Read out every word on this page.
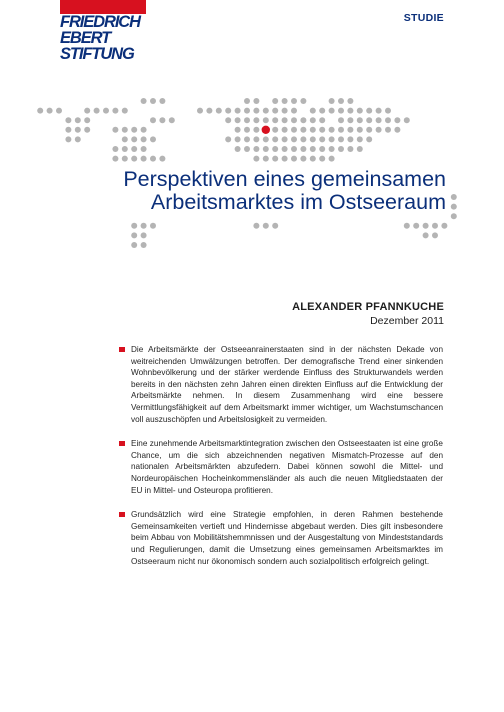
FRIEDRICH
EBERT
STIFTUNG
STUDIE
Perspektiven eines gemeinsamen
Arbeitsmarktes im Ostseeraum
ALEXANDER PFANNKUCHE
Dezember 2011
Die Arbeitsmärkte der Ostseeanrainerstaaten sind in der nächsten Dekade von weitreichenden Umwälzungen betroffen. Der demografische Trend einer sinkenden Wohnbevölkerung und der stärker werdende Einfluss des Strukturwandels werden bereits in den nächsten zehn Jahren einen direkten Einfluss auf die Entwicklung der Arbeitsmärkte nehmen. In diesem Zusammenhang wird eine bessere Vermittlungsfähigkeit auf dem Arbeitsmarkt immer wichtiger, um Wachstumschancen voll auszuschöpfen und Arbeitslosigkeit zu vermeiden.
Eine zunehmende Arbeitsmarktintegration zwischen den Ostseestaaten ist eine große Chance, um die sich abzeichnenden negativen Mismatch-Prozesse auf den nationalen Arbeitsmärkten abzufedern. Dabei können sowohl die Mittel- und Nordeuropäischen Hocheinkommensländer als auch die neuen Mitgliedstaaten der EU in Mittel- und Osteuropa profitieren.
Grundsätzlich wird eine Strategie empfohlen, in deren Rahmen bestehende Gemeinsamkeiten vertieft und Hindernisse abgebaut werden. Dies gilt insbesondere beim Abbau von Mobilitätshemmnissen und der Ausgestaltung von Mindeststandards und Regulierungen, damit die Umsetzung eines gemeinsamen Arbeitsmarktes im Ostseeraum nicht nur ökonomisch sondern auch sozialpolitisch erfolgreich gelingt.
